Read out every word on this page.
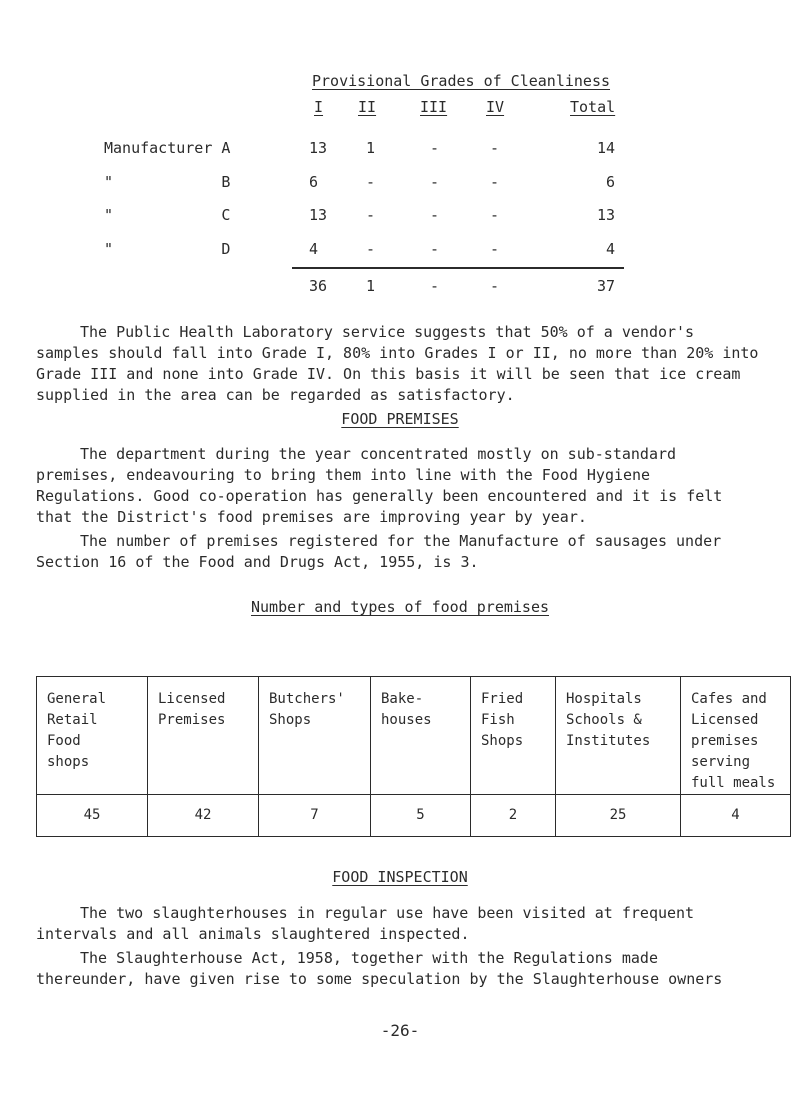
Provisional Grades of Cleanliness
I II	III	IV	Total
Manufacturer A	13	1	-	-	14
"            B	6	-	-	-	6
"            C	13	-	-	-	13
"            D	4	-	-	-	4
36	1	-	-	37
The Public Health Laboratory service suggests that 50% of a vendor's samples should fall into Grade I, 80% into Grades I or II, no more than 20% into Grade III and none into Grade IV. On this basis it will be seen that ice cream supplied in the area can be regarded as satisfactory.
FOOD PREMISES
The department during the year concentrated mostly on sub-standard premises, endeavouring to bring them into line with the Food Hygiene Regulations. Good co-operation has generally been encountered and it is felt that the District's food premises are improving year by year.
The number of premises registered for the Manufacture of sausages under Section 16 of the Food and Drugs Act, 1955, is 3.
Number and types of food premises
General Retail Food shops	Licensed Premises	Butchers' Shops	Bake-houses	Fried Fish Shops	Hospitals Schools & Institutes	Cafes and Licensed premises serving full meals

45	42	7	5	2	25	4
FOOD INSPECTION
The two slaughterhouses in regular use have been visited at frequent intervals and all animals slaughtered inspected.
The Slaughterhouse Act, 1958, together with the Regulations made thereunder, have given rise to some speculation by the Slaughterhouse owners
-26-
